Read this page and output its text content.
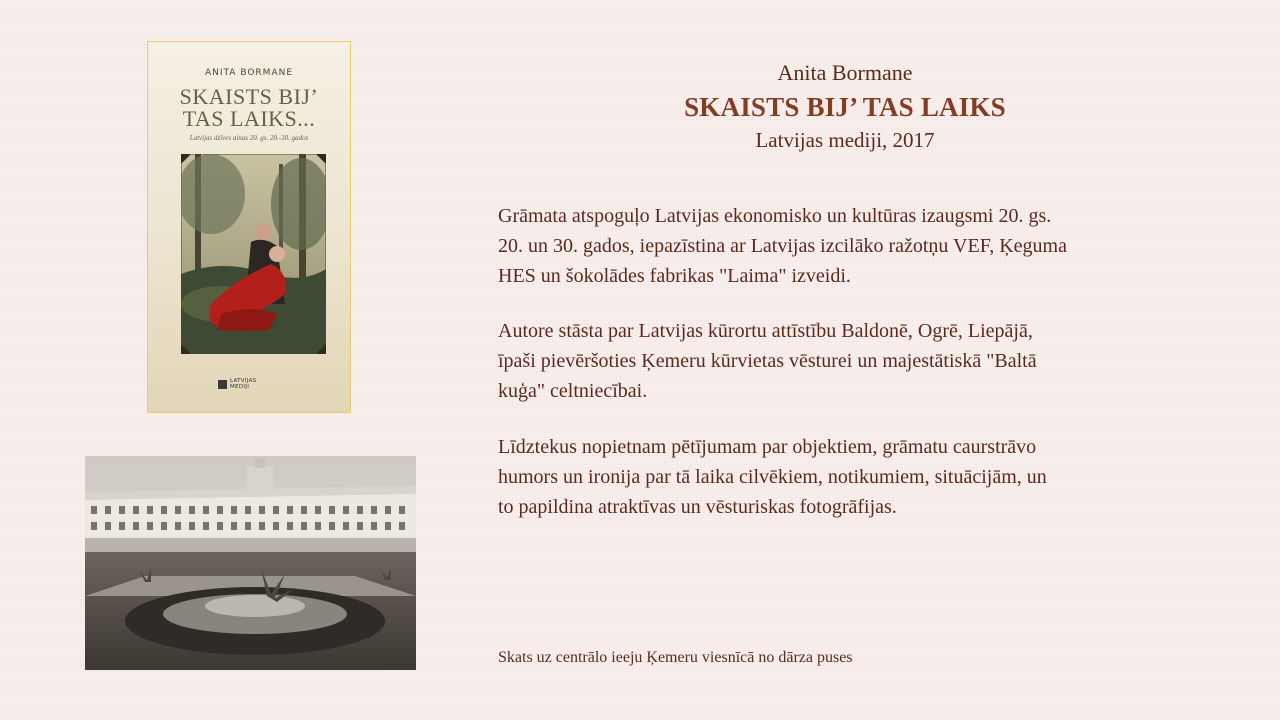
ANITA BORMANE
SKAISTS BIJ’
TAS LAIKS...
Latvijas dzīves ainas 20. gs. 20.-30. gados
LATVIJAS
MEDIJI
Anita Bormane
SKAISTS BIJ’ TAS LAIKS
Latvijas mediji, 2017

Grāmata atspoguļo Latvijas ekonomisko un kultūras izaugsmi 20. gs.
20. un 30. gados, iepazīstina ar Latvijas izcilāko ražotņu VEF, Ķeguma
HES un šokolādes fabrikas "Laima" izveidi.

Autore stāsta par Latvijas kūrortu attīstību Baldonē, Ogrē, Liepājā,
īpaši pievēršoties Ķemeru kūrvietas vēsturei un majestātiskā "Baltā
kuģa" celtniecībai.

Līdztekus nopietnam pētījumam par objektiem, grāmatu caurstrāvo
humors un ironija par tā laika cilvēkiem, notikumiem, situācijām, un
to papildina atraktīvas un vēsturiskas fotogrāfijas.

Skats uz centrālo ieeju Ķemeru viesnīcā no dārza puses
